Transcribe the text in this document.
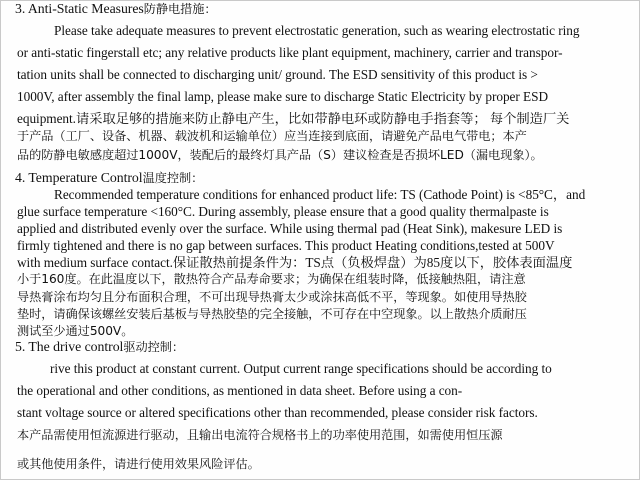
3. Anti-Static Measures防静电措施：
Please take adequate measures to prevent electrostatic generation, such as wearing electrostatic ring
or anti-static fingerstall etc; any relative products like plant equipment, machinery, carrier and transpor-
tation units shall be connected to discharging unit/ ground. The ESD sensitivity of this product is >
1000V, after assembly the final lamp, please make sure to discharge Static Electricity by proper ESD
equipment.请采取足够的措施来防止静电产生，比如带静电环或防静电手指套等； 每个制造厂关
于产品（工厂、设备、机器、载波机和运输单位）应当连接到底面，请避免产品电气带电；本产
品的防静电敏感度超过1000V，装配后的最终灯具产品（S）建议检查是否损坏LED（漏电现象）。
4. Temperature Control温度控制：
Recommended temperature conditions for enhanced product life: TS (Cathode Point) is <85°C，and
glue surface temperature <160°C. During assembly, please ensure that a good quality thermalpaste is
applied and distributed evenly over the surface. While using thermal pad (Heat Sink), makesure LED is
firmly tightened and there is no gap between surfaces. This product Heating conditions,tested at 500V
with medium surface contact.保证散热前提条件为：TS点（负极焊盘）为85度以下，胶体表面温度
小于160度。在此温度以下，散热符合产品寿命要求；为确保在组装时降，低接触热阻，请注意
导热膏涂布均匀且分布面积合理，不可出现导热膏太少或涂抹高低不平，等现象。如使用导热胶
垫时，请确保该螺丝安装后基板与导热胶垫的完全接触，不可存在中空现象。以上散热介质耐压
测试至少通过500V。
5. The drive control驱动控制：
rive this product at constant current. Output current range specifications should be according to
the operational and other conditions, as mentioned in data sheet. Before using a con-
stant voltage source or altered specifications other than recommended, please consider risk factors.
本产品需使用恒流源进行驱动，且输出电流符合规格书上的功率使用范围，如需使用恒压源
或其他使用条件，请进行使用效果风险评估。
